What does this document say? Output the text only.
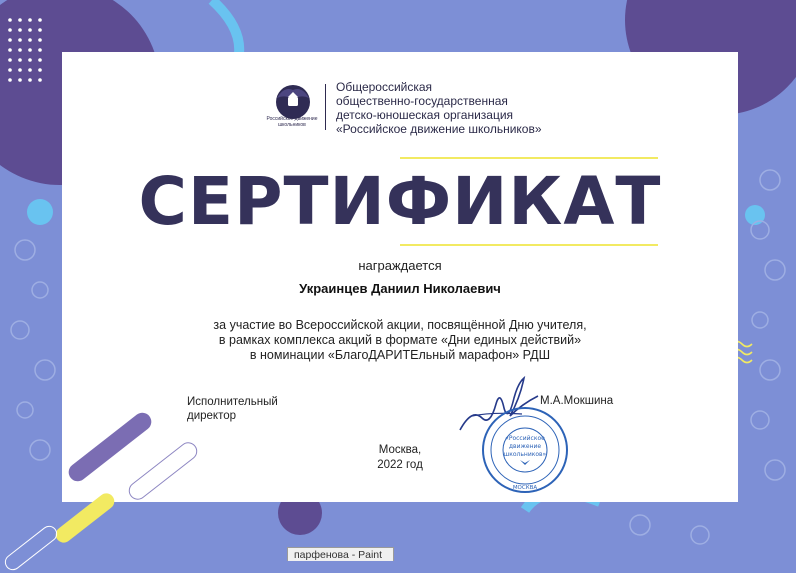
Российское движение школьников
Общероссийская
общественно-государственная
детско-юношеская организация
«Российское движение школьников»
СЕРТИФИКАТ
награждается
Украинцев Даниил Николаевич
за участие во Всероссийской акции, посвящённой Дню учителя,
в рамках комплекса акций в формате «Дни единых действий»
в номинации «БлагоДАРИТЕльный марафон» РДШ
Исполнительный
директор
М.А.Мокшина
Москва,
2022 год
«Российское
движение
школьников»
МОСКВА
парфенова - Paint
